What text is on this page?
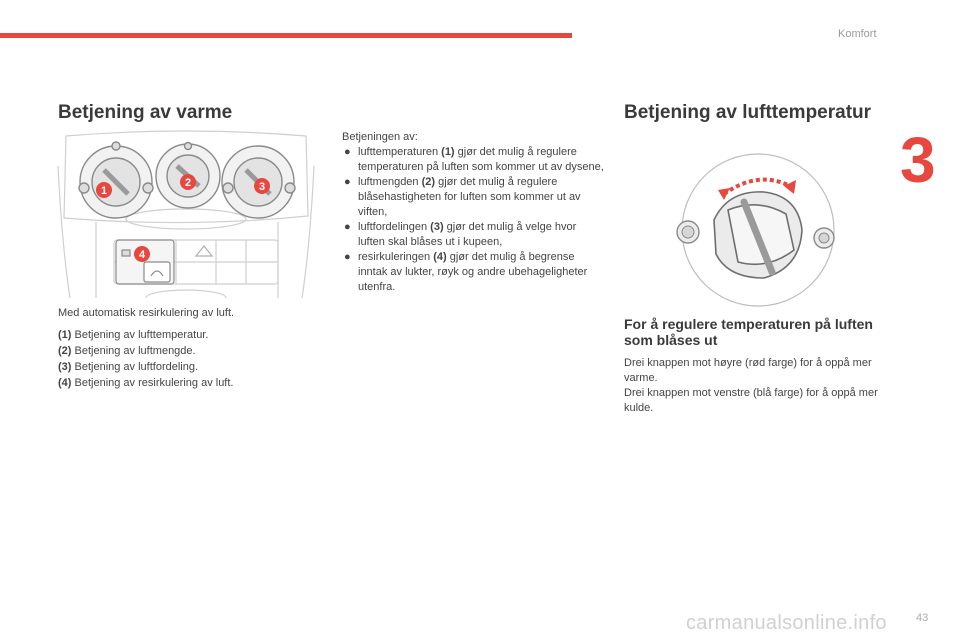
Komfort
3
Betjening av varme	Betjening av lufttemperatur
1
2	3
4
Med automatisk resirkulering av luft.
(1) Betjening av lufttemperatur.
(2) Betjening av luftmengde.
(3) Betjening av luftfordeling.
(4) Betjening av resirkulering av luft.

Betjeningen av:

● lufttemperaturen (1) gjør det mulig å regulere temperaturen på luften som kommer ut av dysene,
● luftmengden (2) gjør det mulig å regulere blåsehastigheten for luften som kommer ut av viften,
● luftfordelingen (3) gjør det mulig å velge hvor luften skal blåses ut i kupeen,
● resirkuleringen (4) gjør det mulig å begrense inntak av lukter, røyk og andre ubehageligheter utenfra.
For å regulere temperaturen på luften som blåses ut

Drei knappen mot høyre (rød farge) for å oppå mer varme.

Drei knappen mot venstre (blå farge) for å oppå mer kulde.

carmanualsonline.info	43
